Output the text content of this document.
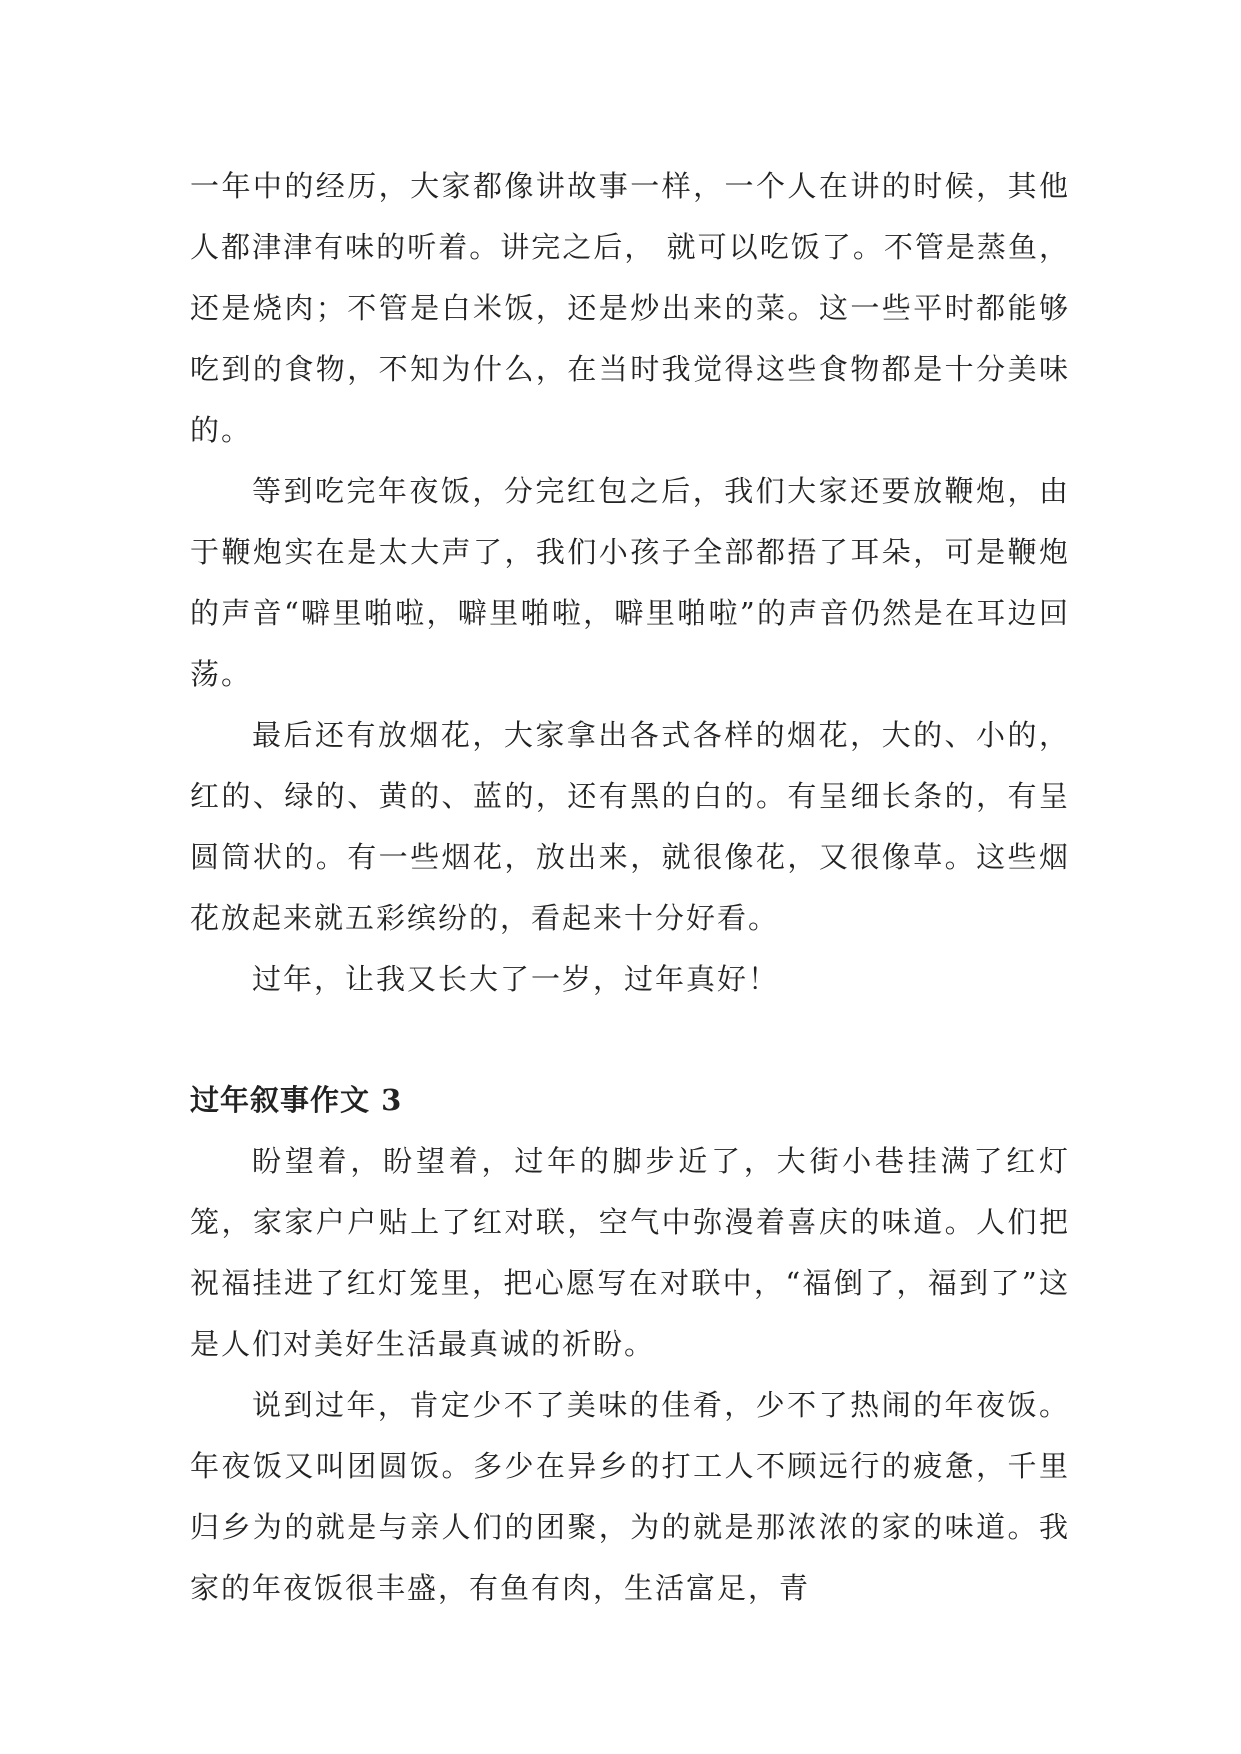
一年中的经历，大家都像讲故事一样，一个人在讲的时候，其他人都津津有味的听着。讲完之后， 就可以吃饭了。不管是蒸鱼，还是烧肉；不管是白米饭，还是炒出来的菜。这一些平时都能够吃到的食物，不知为什么，在当时我觉得这些食物都是十分美味的。

等到吃完年夜饭，分完红包之后，我们大家还要放鞭炮，由于鞭炮实在是太大声了，我们小孩子全部都捂了耳朵，可是鞭炮的声音“噼里啪啦，噼里啪啦，噼里啪啦”的声音仍然是在耳边回荡。

最后还有放烟花，大家拿出各式各样的烟花，大的、小的，红的、绿的、黄的、蓝的，还有黑的白的。有呈细长条的，有呈圆筒状的。有一些烟花，放出来，就很像花，又很像草。这些烟花放起来就五彩缤纷的，看起来十分好看。

过年，让我又长大了一岁，过年真好！

过年叙事作文 3

盼望着，盼望着，过年的脚步近了，大街小巷挂满了红灯笼，家家户户贴上了红对联，空气中弥漫着喜庆的味道。人们把祝福挂进了红灯笼里，把心愿写在对联中，“福倒了，福到了”这是人们对美好生活最真诚的祈盼。

说到过年，肯定少不了美味的佳肴，少不了热闹的年夜饭。年夜饭又叫团圆饭。多少在异乡的打工人不顾远行的疲惫，千里归乡为的就是与亲人们的团聚，为的就是那浓浓的家的味道。我家的年夜饭很丰盛，有鱼有肉，生活富足，青
